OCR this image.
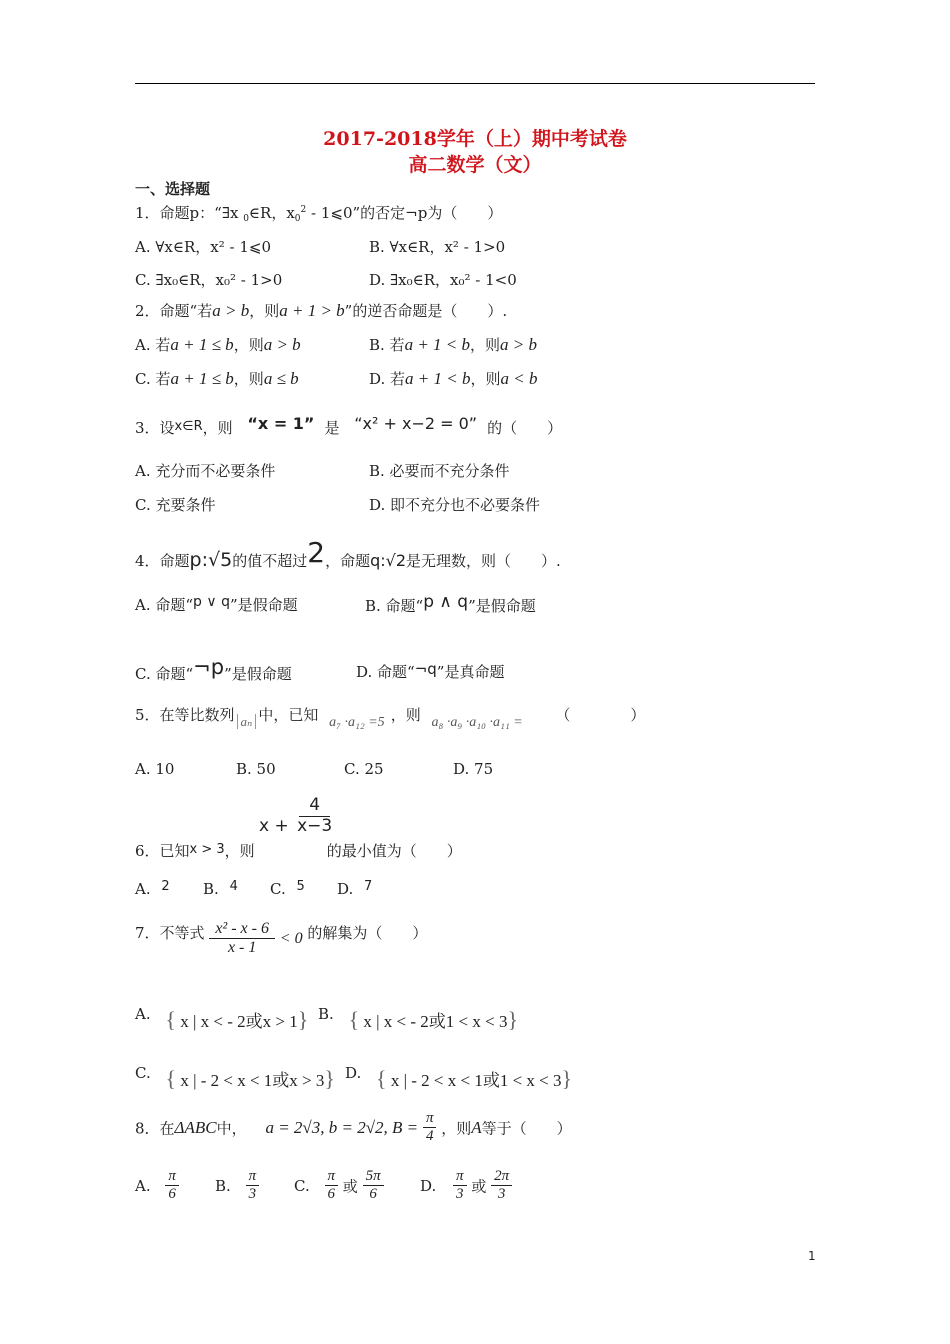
2017-2018学年（上）期中考试卷
高二数学（文）
一、选择题
1．命题p：“∃x $_0$∈R，$x_0^2$ - 1⩽0”的否定¬p为（　　）
A. ∀x∈R，x² - 1⩽0	B. ∀x∈R，x² - 1>0
C. ∃x₀∈R，x₀² - 1>0	D. ∃x₀∈R，x₀² - 1<0
2．命题“若a > b，则a + 1 > b”的逆否命题是（　　）.
A. 若a + 1 ≤ b，则a > b	B. 若a + 1 < b，则a > b
C. 若a + 1 ≤ b，则a ≤ b	D. 若a + 1 < b，则a < b
3．设x∈R，则 “x = 1” 是 “x² + x−2 = 0” 的（　　）
A. 充分而不必要条件	B. 必要而不充分条件
C. 充要条件	D. 即不充分也不必要条件
4．命题p:√5的值不超过2，命题q:√2是无理数，则（　　）.
A. 命题“p ∨ q”是假命题	B. 命题“p ∧ q”是假命题
C. 命题“¬p”是假命题	D. 命题“¬q”是真命题
5．在等比数列 aₙ 中，已知 a₇ ·a₁₂ =5 ，则 a₈ ·a₉ ·a₁₀ ·a₁₁ = （　　　　）
A. 10	B. 50	C. 25	D. 75
$x + \frac{4}{x-3}$
6．已知x > 3，则	的最小值为（　　）
A. 2 B. 4 C. 5 D. 7
7．不等式 $\frac{\text{x² - x - 6}}{x - 1} < 0$ 的解集为（　　）
A. { x | x < - 2或x > 1} B. { x | x < - 2或1 < x < 3}
C. { x | - 2 < x < 1或x > 3} D. { x | - 2 < x < 1或1 < x < 3}
8．在ΔABC中， a = 2√3, b = 2√2, $B = \frac{\pi}{4}$ ，则A等于（　　）
A. $\frac{\pi}{6} B$. $\frac{\pi}{3} C$. $\frac{\pi}{6}$ 或 $\frac{5\pi}{6} D$. $\frac{\pi}{3}$ 或 $\frac{2\pi}{3}$
1
